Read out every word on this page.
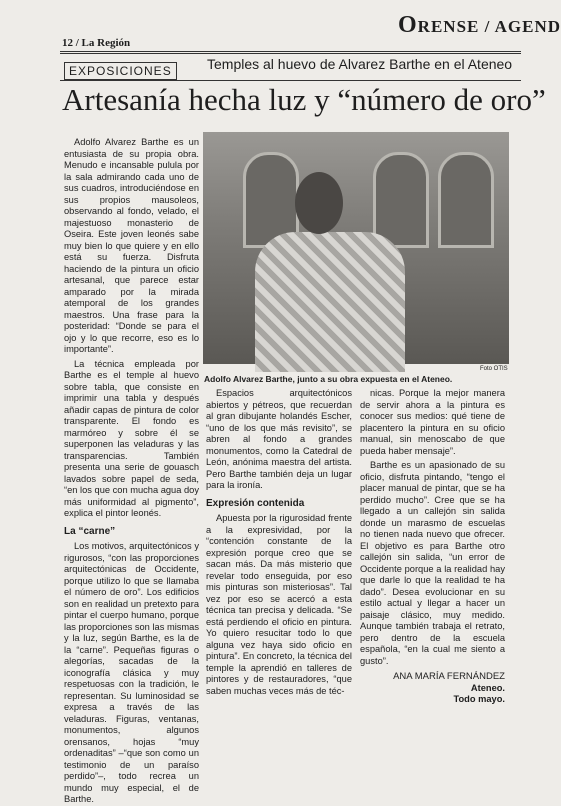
12 / La Región
ORENSE / AGEND
EXPOSICIONES	Temples al huevo de Alvarez Barthe en el Ateneo
Artesanía hecha luz y “número de oro”
Foto OTIS
Adolfo Alvarez Barthe, junto a su obra expuesta en el Ateneo.

Adolfo Alvarez Barthe es un entusiasta de su propia obra. Menudo e incansable pulula por la sala admirando cada uno de sus cuadros, introduciéndose en sus propios mausoleos, observando al fondo, velado, el majestuoso monasterio de Oseira. Este joven leonés sabe muy bien lo que quiere y en ello está su fuerza. Disfruta haciendo de la pintura un oficio artesanal, que parece estar amparado por la mirada atemporal de los grandes maestros. Una frase para la posteridad: “Donde se para el ojo y lo que recorre, eso es lo importante”.

La técnica empleada por Barthe es el temple al huevo sobre tabla, que consiste en imprimir una tabla y después añadir capas de pintura de color transparente. El fondo es marmóreo y sobre él se superponen las veladuras y las transparencias. También presenta una serie de gouasch lavados sobre papel de seda, “en los que con mucha agua doy más uniformidad al pigmento”, explica el pintor leonés.

La “carne”

Los motivos, arquitectónicos y rigurosos, “con las proporciones arquitectónicas de Occidente, porque utilizo lo que se llamaba el número de oro”. Los edificios son en realidad un pretexto para pintar el cuerpo humano, porque las proporciones son las mismas y la luz, según Barthe, es la de la “carne”. Pequeñas figuras o alegorías, sacadas de la iconografía clásica y muy respetuosas con la tradición, le representan. Su luminosidad se expresa a través de las veladuras. Figuras, ventanas, monumentos, algunos orensanos, hojas “muy ordenaditas” –“que son como un testimonio de un paraíso perdido”–, todo recrea un mundo muy especial, el de Barthe.

Espacios arquitectónicos abiertos y pétreos, que recuerdan al gran dibujante holandés Escher, “uno de los que más revisito”, se abren al fondo a grandes monumentos, como la Catedral de León, anónima maestra del artista. Pero Barthe también deja un lugar para la ironía.

Expresión contenida

Apuesta por la rigurosidad frente a la expresividad, por la “contención constante de la expresión porque creo que se sacan más. Da más misterio que revelar todo enseguida, por eso mis pinturas son misteriosas”. Tal vez por eso se acercó a esta técnica tan precisa y delicada. “Se está perdiendo el oficio en pintura. Yo quiero resucitar todo lo que alguna vez haya sido oficio en pintura”. En concreto, la técnica del temple la aprendió en talleres de pintores y de restauradores, “que saben muchas veces más de téc-

nicas. Porque la mejor manera de servir ahora a la pintura es conocer sus medios: qué tiene de placentero la pintura en su oficio manual, sin menoscabo de que pueda haber mensaje”.

Barthe es un apasionado de su oficio, disfruta pintando, “tengo el placer manual de pintar, que se ha perdido mucho”. Cree que se ha llegado a un callejón sin salida donde un marasmo de escuelas no tienen nada nuevo que ofrecer. El objetivo es para Barthe otro callejón sin salida, “un error de Occidente porque a la realidad hay que darle lo que la realidad te ha dado”. Desea evolucionar en su estilo actual y llegar a hacer un paisaje clásico, muy medido. Aunque también trabaja el retrato, pero dentro de la escuela española, “en la cual me siento a gusto”.

ANA MARÍA FERNÁNDEZ
Ateneo.
Todo mayo.
